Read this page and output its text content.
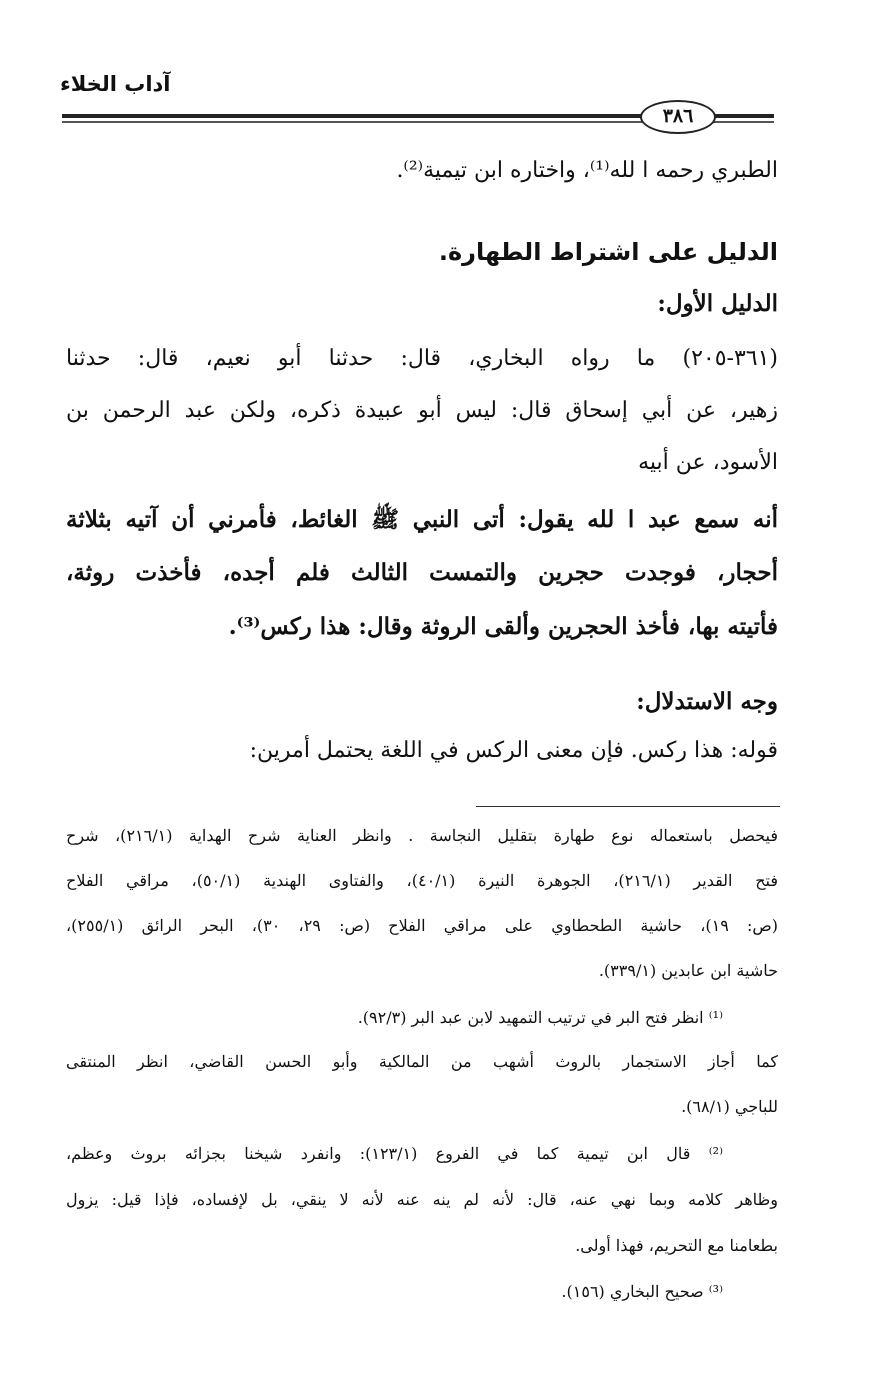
آداب الخلاء
٣٨٦
الطبري رحمه ا لله⁽¹⁾، واختاره ابن تيمية⁽²⁾.
الدليل على اشتراط الطهارة.
الدليل الأول:
(٣٦١-٢٠٥) ما رواه البخاري، قال: حدثنا أبو نعيم، قال: حدثنا
زهير، عن أبي إسحاق قال: ليس أبو عبيدة ذكره، ولكن عبد الرحمن بن
الأسود، عن أبيه
أنه سمع عبد ا لله يقول: أتى النبي ﷺ الغائط، فأمرني أن آتيه بثلاثة
أحجار، فوجدت حجرين والتمست الثالث فلم أجده، فأخذت روثة،
فأتيته بها، فأخذ الحجرين وألقى الروثة وقال: هذا ركس⁽³⁾.
وجه الاستدلال:
قوله: هذا ركس. فإن معنى الركس في اللغة يحتمل أمرين:
فيحصل باستعماله نوع طهارة بتقليل النجاسة . وانظر العناية شرح الهداية (٢١٦/١)، شرح
فتح القدير (٢١٦/١)، الجوهرة النيرة (٤٠/١)، والفتاوى الهندية (٥٠/١)، مراقي الفلاح
(ص: ١٩)، حاشية الطحطاوي على مراقي الفلاح (ص: ٢٩، ٣٠)، البحر الرائق (٢٥٥/١)،
حاشية ابن عابدين (٣٣٩/١).
⁽¹⁾ انظر فتح البر في ترتيب التمهيد لابن عبد البر (٩٢/٣).
كما أجاز الاستجمار بالروث أشهب من المالكية وأبو الحسن القاضي، انظر المنتقى
للباجي (٦٨/١).
⁽²⁾ قال ابن تيمية كما في الفروع (١٢٣/١): وانفرد شيخنا بجزائه بروث وعظم،
وظاهر كلامه وبما نهي عنه، قال: لأنه لم ينه عنه لأنه لا ينقي، بل لإفساده، فإذا قيل: يزول
بطعامنا مع التحريم، فهذا أولى.
⁽³⁾ صحيح البخاري (١٥٦).
